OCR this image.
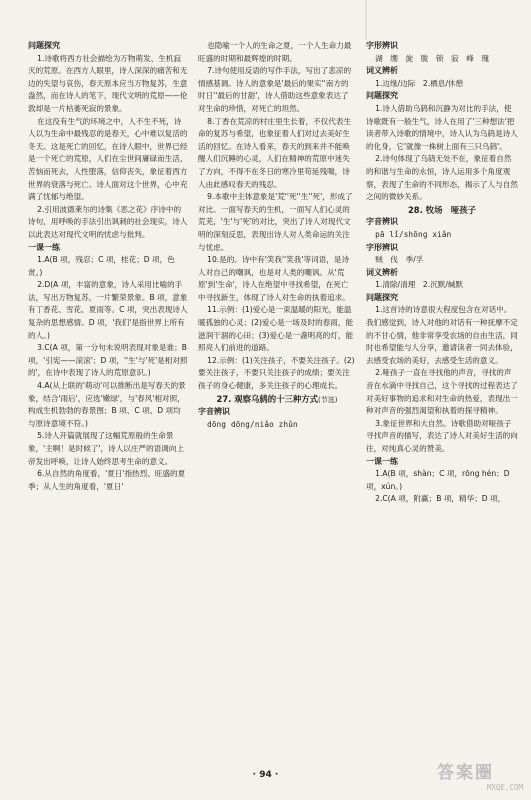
问题探究

1.诗歌将西方社会描绘为万物萌发、生机寂灭的荒原。在西方人眼里，诗人深深的痛苦和无边的失望与哀伤，春天原本应当万物复苏，生意盎然，而在诗人的笔下，现代文明的荒原——伦敦却是一片枯萎死寂的景象。

在这没有生气的环境之中，人不生不死，诗人以为生命中最残忍的是春天，心中难以复活的冬天。这是死亡的回忆，在诗人眼中，世界已经是一个死亡的荒原，人们在尘世间庸碌而生活，苦恼而死去，人性堕落，信仰丧失，象征着西方世界的衰落与死亡。诗人面对这个世界，心中充满了忧郁与绝望。

2.引用波德莱尔的诗集《恶之花》序诗中的诗句，用呼唤的手法引出讽刺的社会现实，诗人以此表达对现代文明的忧虑与批判。

一课一练

1.A(B 项，残忍；C 项，桂花；D 项，色赏。)

2.D(A 项，丰富的意象，诗人采用比喻的手法，写出万物复苏，一片繁荣景象。B 项，意象有丁香花、雪花、夏雨等。C 项，突出表现诗人复杂的思想感情。D 项，'我们'是指世界上所有的人。)

3.C(A 项，第一分句未说明表现对象是谁；B 项，'引宪——滚滚'；D 项，''生'与'死'是相对照的'，在诗中表现了诗人的荒原意识。)

4.A(从上联的'萌动'可以推断出是写春天的景象，结合'雨后'，应选'嫩绿'，与'春风'相对照，构成生机勃勃的春景图；B 项、C 项、D 项均与原诗意境不符。)

5.诗人开篇就展现了这幅荒原般的生命景象，'主啊！是时候了'，诗人以庄严的语调向上帝发出呼唤，让诗人始终思考生命的意义。

6.从自然的角度看，'夏日'指热烈、旺盛的夏季；从人生的角度看，'夏日'

也隐喻一个人的生命之夏，一个人生命力最旺盛的时期和最辉煌的时期。

7.诗句使用反语的写作手法，写出了悲凉的情感基调。诗人的意象是'最后的果实''南方的时日''最后的甘甜'，诗人借助这些意象表达了对生命的珍惜，对死亡的坦然。

8.丁香在荒凉的村庄里生长着，不仅代表生命的复苏与希望，也象征着人们对过去美好生活的回忆。在诗人看来，春天的到来并不能唤醒人们沉睡的心灵，人们在精神的荒原中迷失了方向，不得不在冬日的寒冷里苟延残喘，诗人由此感叹春天的残忍。

9.本歌中主体意象是'荒''死''生''死'，形成了对比。一面写春天的生机，一面写人们心灵的荒芜，'生'与'死'的对比，突出了诗人对现代文明的深刻反思，表现出诗人对人类命运的关注与忧虑。

10.是的。诗中有'笑我''笑我'等词语，是诗人对自己的嘲讽，也是对人类的嘲讽。从'荒原'到'生命'，诗人在绝望中寻找希望，在死亡中寻找新生，体现了诗人对生命的执着追求。

11.示例：(1)爱心是一束温暖的阳光，能温暖孤独的心灵；(2)爱心是一场及时的春雨，能滋润干涸的心田；(3)爱心是一盏明亮的灯，能照亮人们前进的道路。

12.示例：(1)关注孩子，不要关注孩子。(2)要关注孩子，不要只关注孩子的成绩；要关注孩子的身心健康，多关注孩子的心理成长。

27. 观察乌鸫的十三种方式(节选)

字音辨识

dōng dōng/niǎo zhǔn

字形辨识

湖　绷　旋　胧　锁　寂　峰　瑰

词义辨析

1.边缘/边际　2.栖息/休憩

问题探究

1.诗人借助乌鸫和沉静为对比的手法，使诗歌既有一般生气，诗人在用了'三种想法'把读者带入诗歌的情境中，诗人认为乌鸫是诗人的化身，它'就像一株树上面有三只乌鸫'。

2.诗句体现了乌鸫无处不在，象征着自然的和谐与生命的永恒，诗人运用多个角度观察，表现了生命的不同形态，揭示了人与自然之间的微妙关系。

28. 牧场　哑孩子

字音辨识

pā lǐ/shōng xiǎn

字形辨识

贼　伐　季/孚

词义辨析

1.清除/清理　2.沉默/缄默

问题探究

1.这首诗的诗意很大程度包含在对话中。我们感觉到，诗人对他的对话有一种抚摩不定的不甘心情，他非常享受农场的自由生活，同时也希望能与人分享，邀请读者一同去体验，去感受农场的美好，去感受生活的意义。

2.哑孩子一直在寻找他的声音，寻找的声音在水滴中寻找自己，这个寻找的过程表达了对美好事物的追求和对生命的热爱，表现出一种对声音的强烈渴望和执着的探寻精神。

3.象征世界和大自然。诗歌借助对哑孩子寻找声音的描写，表达了诗人对美好生活的向往，对纯真心灵的赞美。

一课一练

1.A(B 项，shàn；C 项，rōng hén；D 项，xún。)

2.C(A 项，附赢；B 项，精华；D 项，

· 94 ·	答案圈
MXQE.COM
